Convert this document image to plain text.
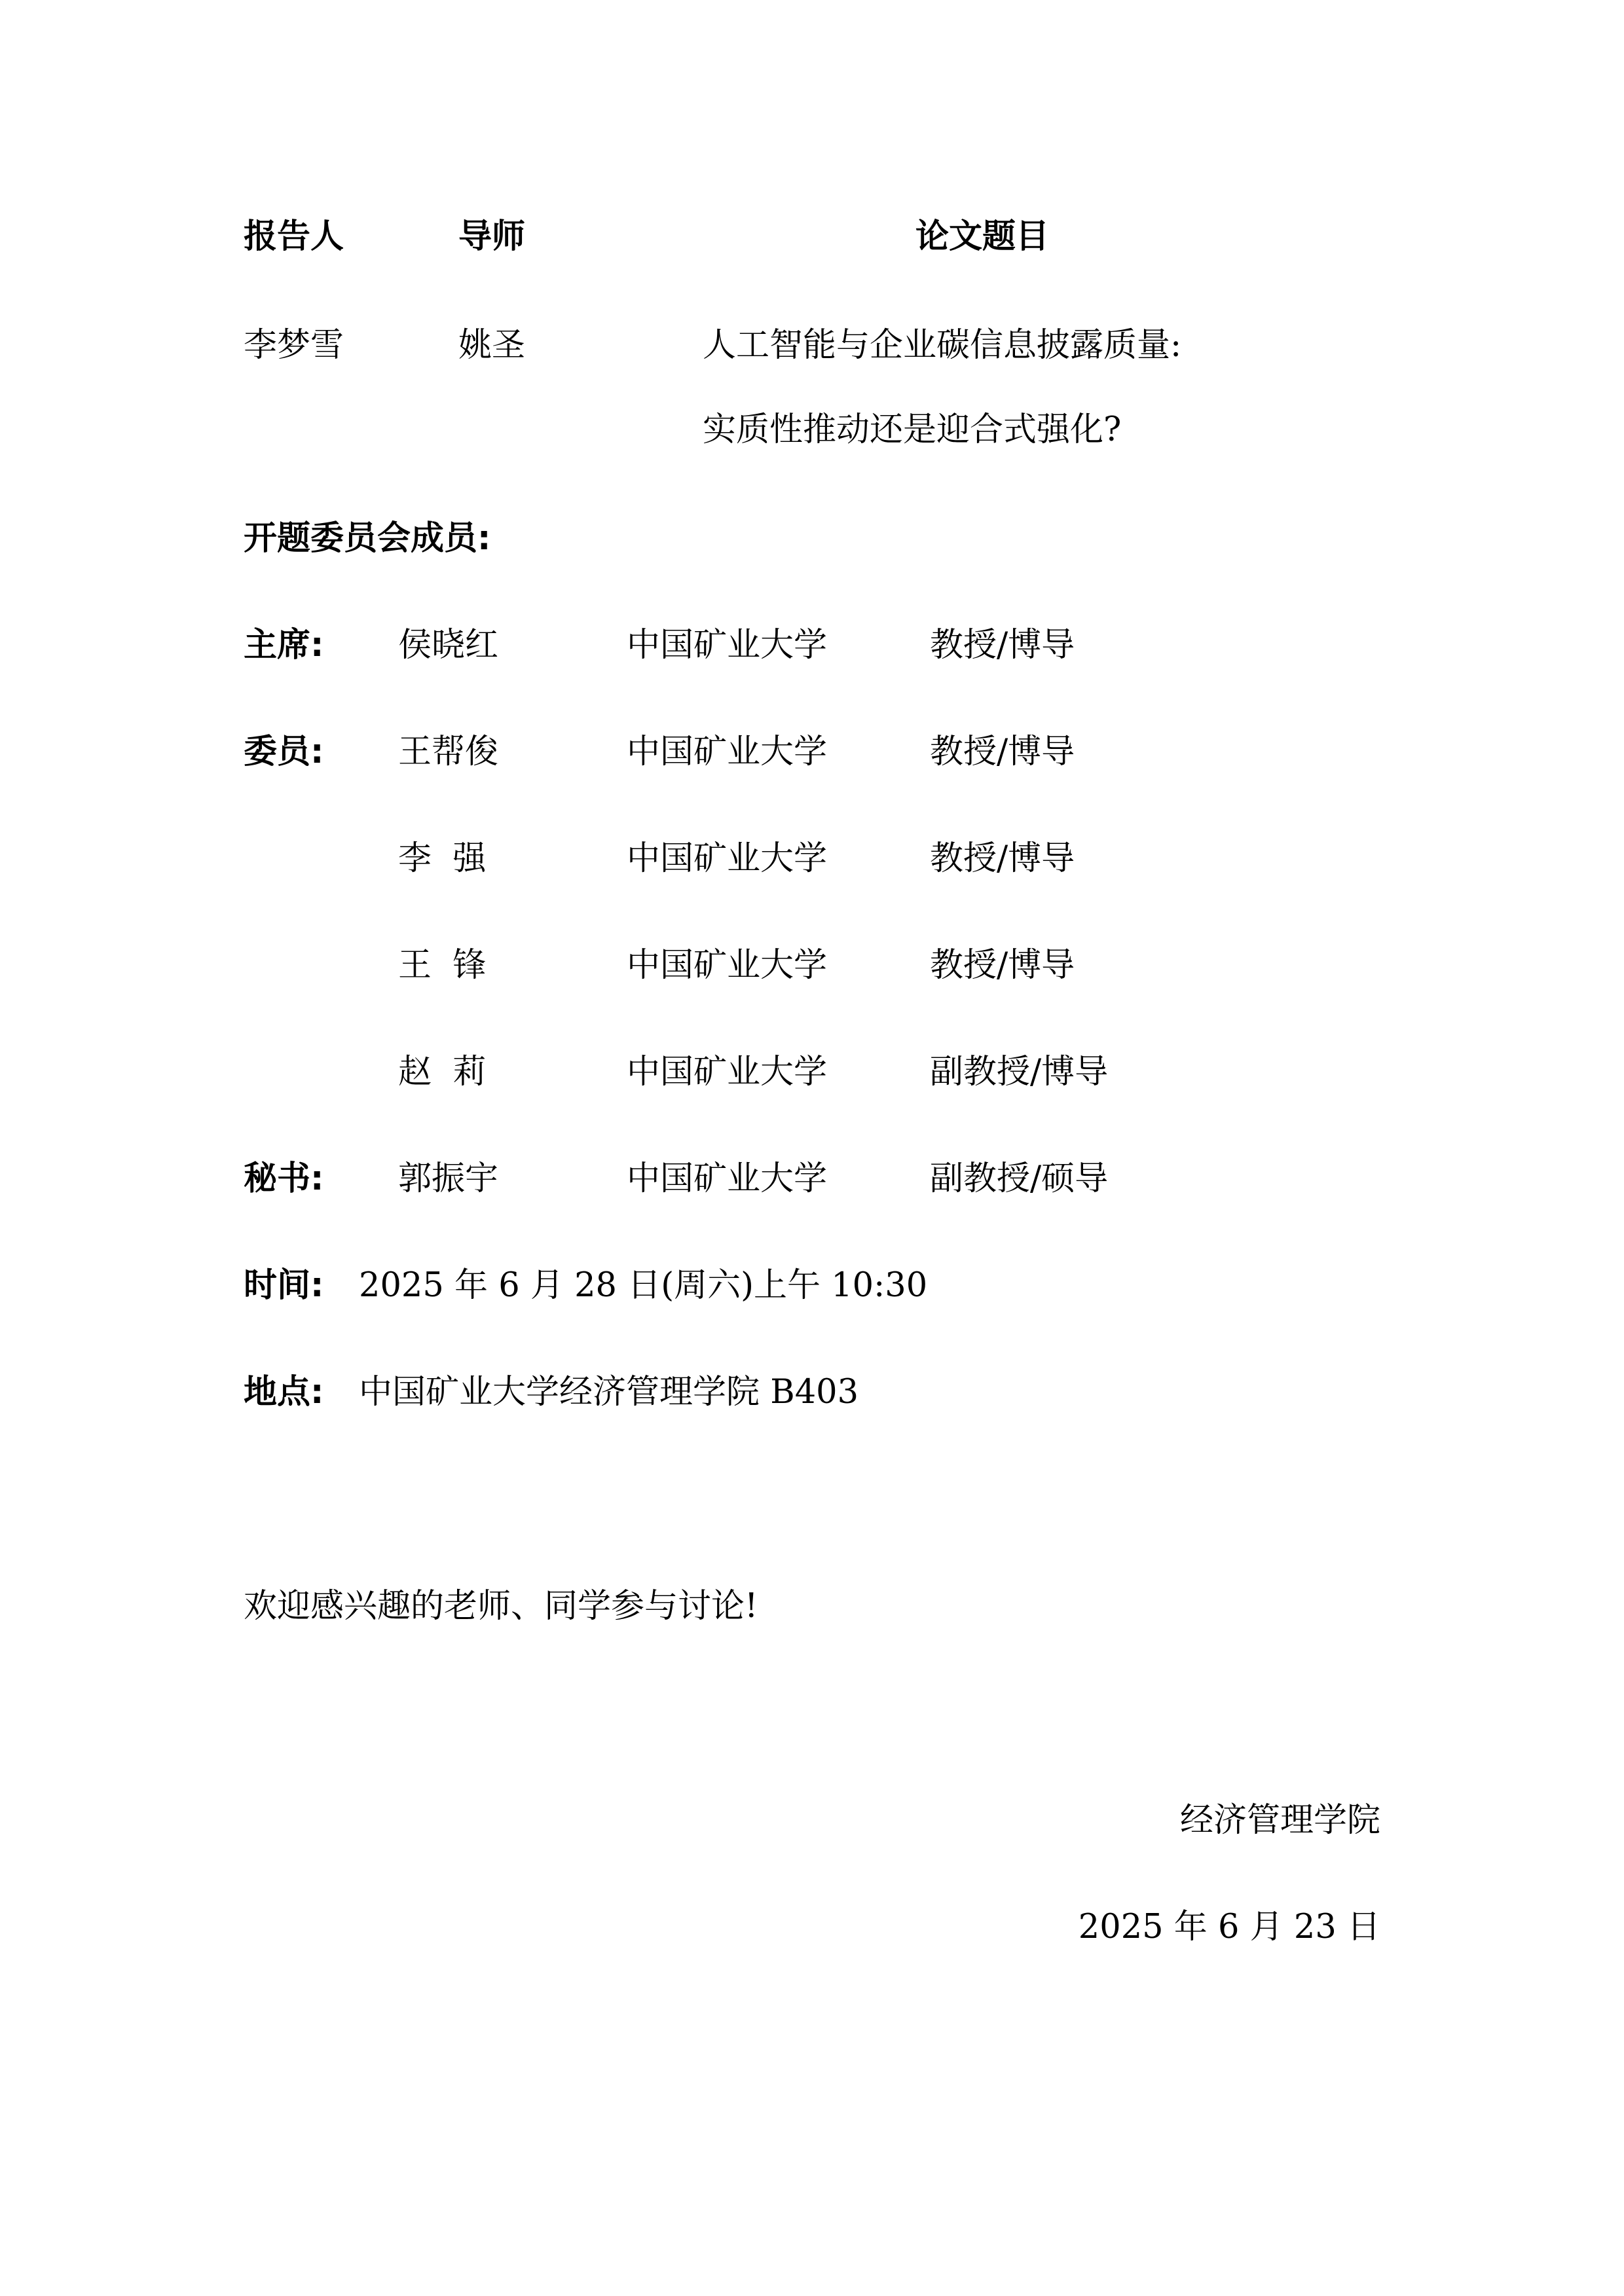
报告人	导师	论文题目
李梦雪	姚圣	人工智能与企业碳信息披露质量:
实质性推动还是迎合式强化?
开题委员会成员:
主席: 侯晓红	中国矿业大学	教授/博导
委员: 王帮俊	中国矿业大学	教授/博导
李  强	中国矿业大学	教授/博导
王  锋	中国矿业大学	教授/博导
赵  莉	中国矿业大学	副教授/博导
秘书: 郭振宇	中国矿业大学	副教授/硕导
时间: 2025 年 6 月 28 日(周六)上午 10:30
地点: 中国矿业大学经济管理学院 B403
欢迎感兴趣的老师、同学参与讨论!
经济管理学院
2025 年 6 月 23 日
